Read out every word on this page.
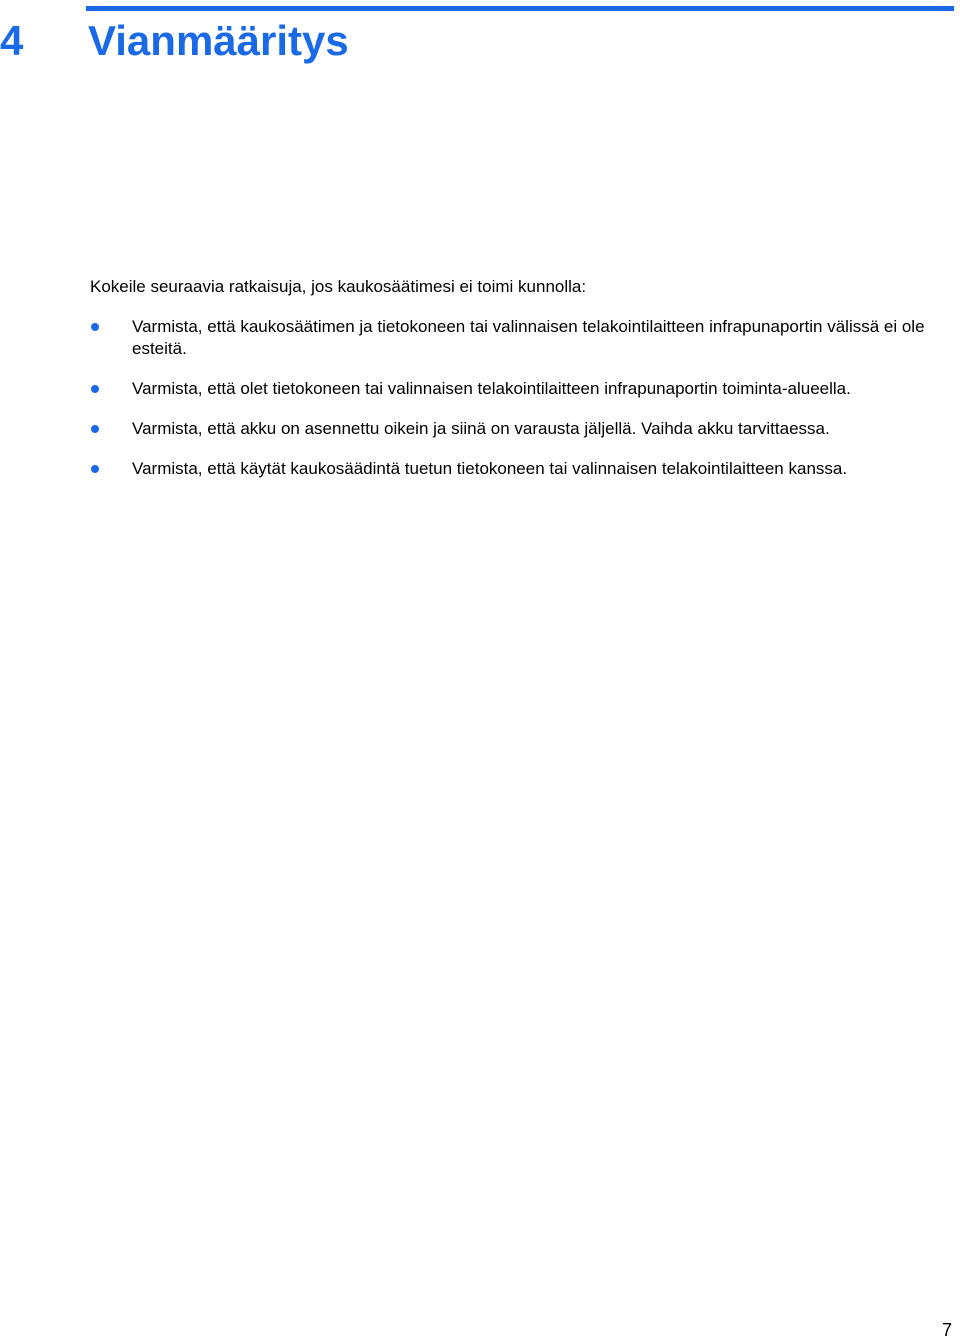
4 Vianmääritys
Kokeile seuraavia ratkaisuja, jos kaukosäätimesi ei toimi kunnolla:
Varmista, että kaukosäätimen ja tietokoneen tai valinnaisen telakointilaitteen infrapunaportin välissä ei ole esteitä.
Varmista, että olet tietokoneen tai valinnaisen telakointilaitteen infrapunaportin toiminta-alueella.
Varmista, että akku on asennettu oikein ja siinä on varausta jäljellä. Vaihda akku tarvittaessa.
Varmista, että käytät kaukosäädintä tuetun tietokoneen tai valinnaisen telakointilaitteen kanssa.
7
